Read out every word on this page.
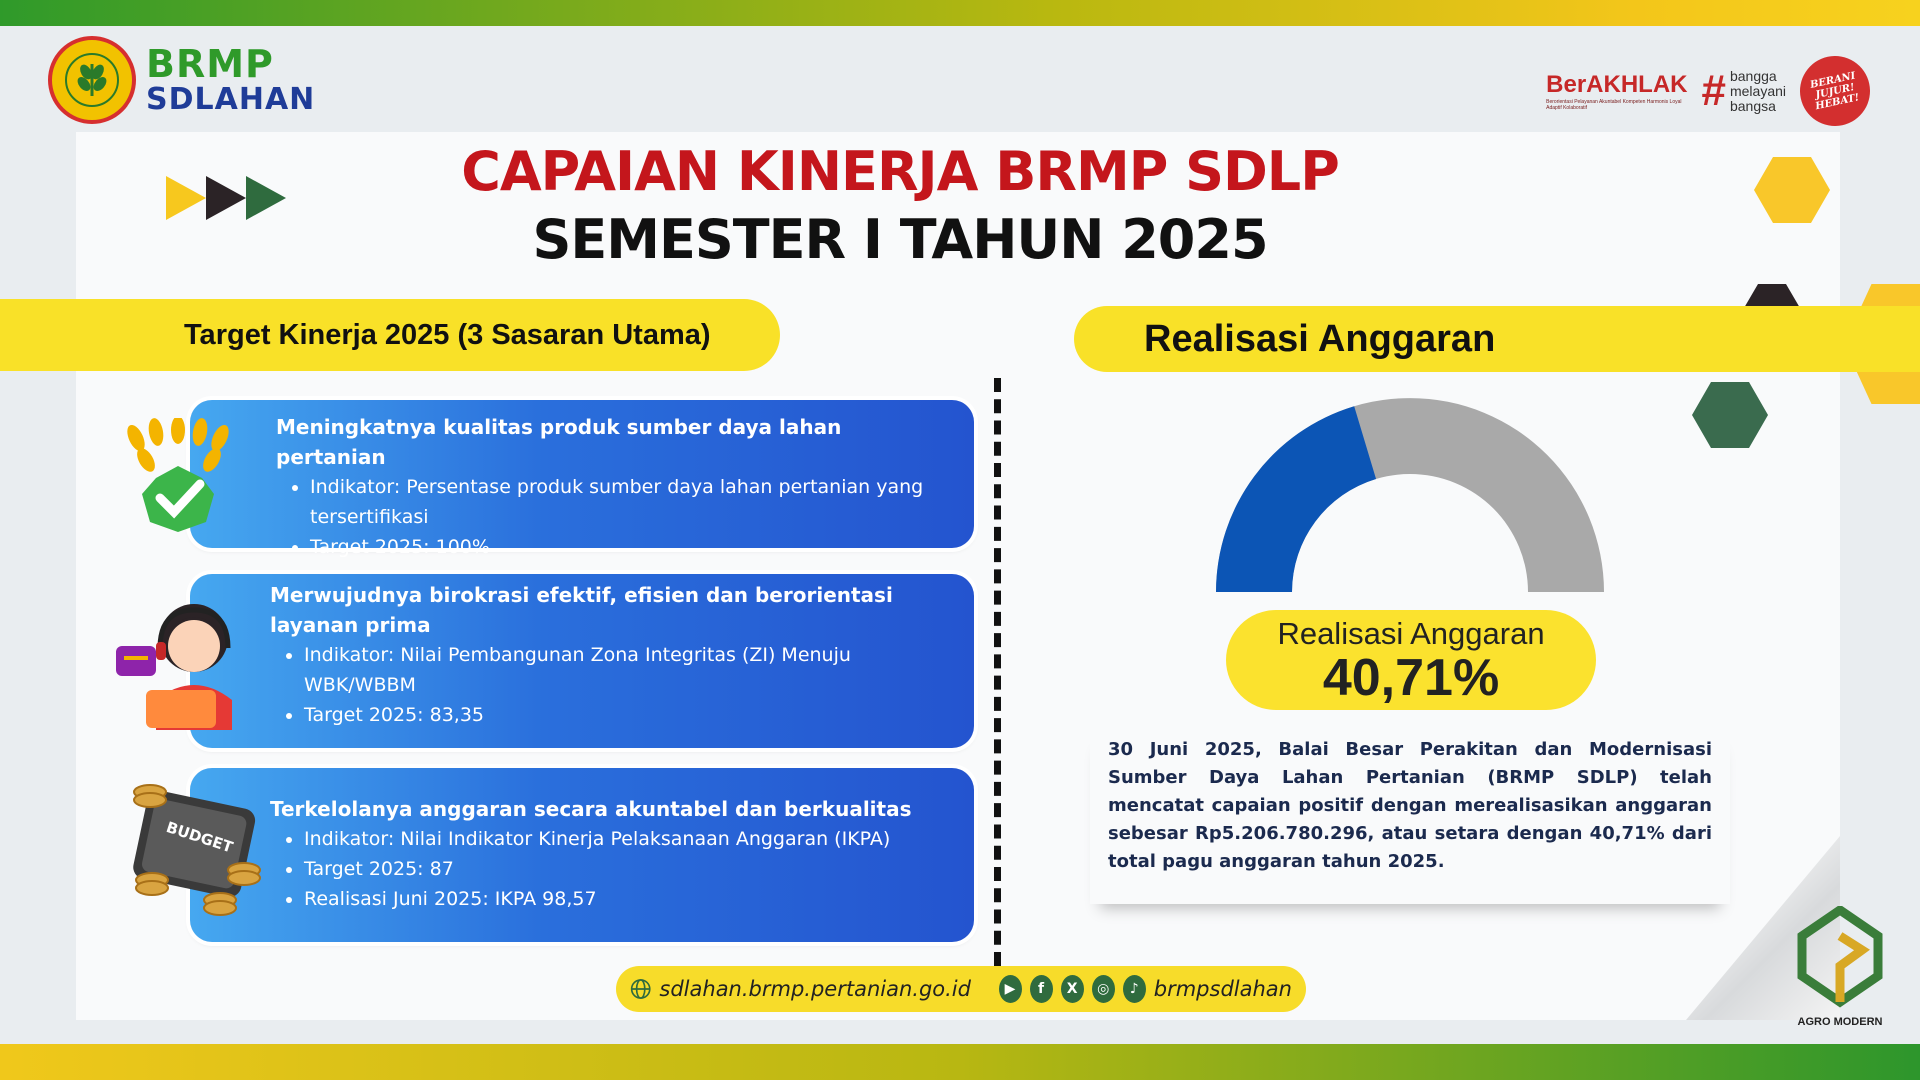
BRMP
SDLAHAN	BerAKHLAK
Berorientasi Pelayanan Akuntabel Kompeten Harmonis Loyal Adaptif Kolaboratif	# bangga
melayani
bangsa
BERANI JUJUR! HEBAT!
CAPAIAN KINERJA BRMP SDLP
SEMESTER I TAHUN 2025
Target Kinerja 2025 (3 Sasaran Utama)
Meningkatnya kualitas produk sumber daya lahan pertanian
• Indikator: Persentase produk sumber daya lahan pertanian yang tersertifikasi
• Target 2025: 100%
Merwujudnya birokrasi efektif, efisien dan berorientasi layanan prima
• Indikator: Nilai Pembangunan Zona Integritas (ZI) Menuju WBK/WBBM
• Target 2025: 83,35
Terkelolanya anggaran secara akuntabel dan berkualitas
• Indikator: Nilai Indikator Kinerja Pelaksanaan Anggaran (IKPA)
• Target 2025: 87
• Realisasi Juni 2025: IKPA 98,57
BUDGET
Realisasi Anggaran
Realisasi Anggaran
40,71%

30 Juni 2025, Balai Besar Perakitan dan Modernisasi Sumber Daya Lahan Pertanian (BRMP SDLP) telah mencatat capaian positif dengan merealisasikan anggaran sebesar Rp5.206.780.296, atau setara dengan 40,71% dari total pagu anggaran tahun 2025.

AGRO MODERN
sdlahan.brmp.pertanian.go.id	▶	f	X	◎	♪ brmpsdlahan
